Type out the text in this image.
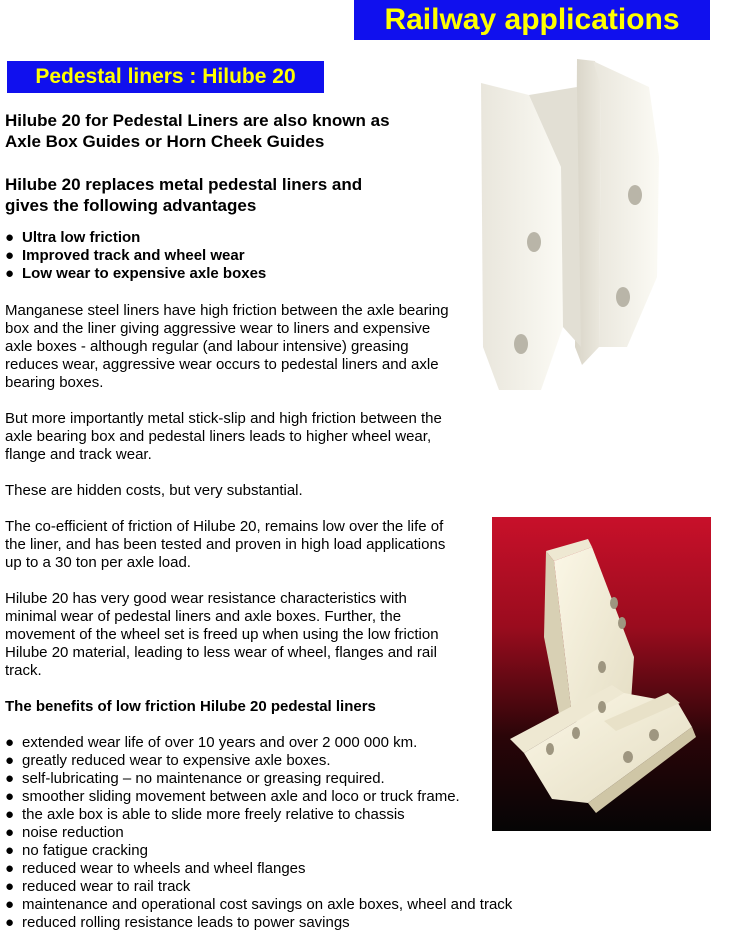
Railway applications
Pedestal liners : Hilube 20

Hilube 20 for Pedestal Liners are also known as
Axle Box Guides or Horn Cheek Guides

Hilube 20 replaces metal pedestal liners and
gives the following advantages

● Ultra low friction
● Improved track and wheel wear
● Low wear to expensive axle boxes

Manganese steel liners have high friction between the axle bearing
box and the liner giving aggressive wear to liners and expensive
axle boxes - although regular (and labour intensive) greasing
reduces wear, aggressive wear occurs to pedestal liners and axle
bearing boxes.

But more importantly metal stick-slip and high friction between the
axle bearing box and pedestal liners leads to higher wheel wear,
flange and track wear.

These are hidden costs, but very substantial.

The co-efficient of friction of Hilube 20, remains low over the life of
the liner, and has been tested and proven in high load applications
up to a 30 ton per axle load.

Hilube 20 has very good wear resistance characteristics with
minimal wear of pedestal liners and axle boxes. Further, the
movement of the wheel set is freed up when using the low friction
Hilube 20 material, leading to less wear of wheel, flanges and rail
track.

The benefits of low friction Hilube 20 pedestal liners

● extended wear life of over 10 years and over 2 000 000 km.
● greatly reduced wear to expensive axle boxes.
● self-lubricating – no maintenance or greasing required.
● smoother sliding movement between axle and loco or truck frame.
● the axle box is able to slide more freely relative to chassis
● noise reduction
● no fatigue cracking
● reduced wear to wheels and wheel flanges
● reduced wear to rail track
● maintenance and operational cost savings on axle boxes, wheel and track
● reduced rolling resistance leads to power savings
